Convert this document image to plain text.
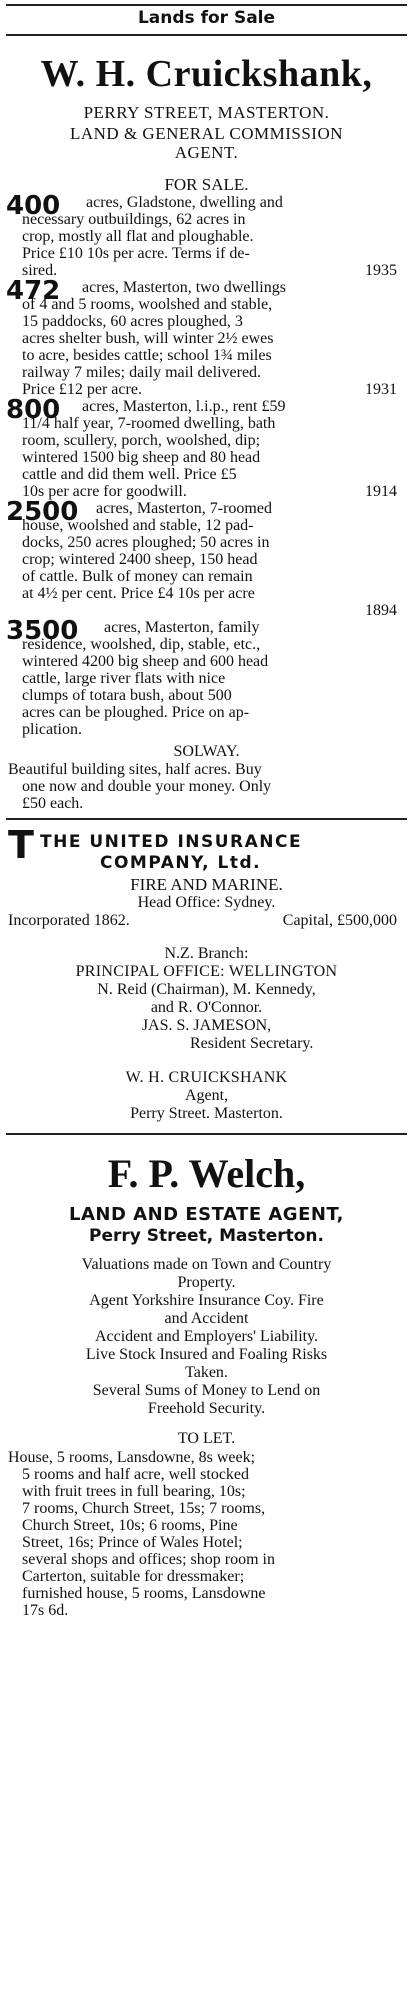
Lands for Sale
W. H. Cruickshank,
PERRY STREET, MASTERTON.
LAND & GENERAL COMMISSION
AGENT.
FOR SALE.
400 acres, Gladstone, dwelling and
necessary outbuildings, 62 acres in
crop, mostly all flat and ploughable.
Price £10 10s per acre. Terms if de-
sired.	1935
472 acres, Masterton, two dwellings
of 4 and 5 rooms, woolshed and stable,
15 paddocks, 60 acres ploughed, 3
acres shelter bush, will winter 2½ ewes
to acre, besides cattle; school 1¾ miles
railway 7 miles; daily mail delivered.
Price £12 per acre.	1931
800 acres, Masterton, l.i.p., rent £59
11/4 half year, 7-roomed dwelling, bath
room, scullery, porch, woolshed, dip;
wintered 1500 big sheep and 80 head
cattle and did them well. Price £5
10s per acre for goodwill.	1914
2500 acres, Masterton, 7-roomed
house, woolshed and stable, 12 pad-
docks, 250 acres ploughed; 50 acres in
crop; wintered 2400 sheep, 150 head
of cattle. Bulk of money can remain
at 4½ per cent. Price £4 10s per acre
1894
3500 acres, Masterton, family
residence, woolshed, dip, stable, etc.,
wintered 4200 big sheep and 600 head
cattle, large river flats with nice
clumps of totara bush, about 500
acres can be ploughed. Price on ap-
plication.
SOLWAY.
Beautiful building sites, half acres. Buy
one now and double your money. Only
£50 each.
T THE UNITED INSURANCE
COMPANY, Ltd.
FIRE AND MARINE.
Head Office: Sydney.
Incorporated 1862.	Capital, £500,000
N.Z. Branch:
PRINCIPAL OFFICE: WELLINGTON
N. Reid (Chairman), M. Kennedy,
and R. O'Connor.
JAS. S. JAMESON,
Resident Secretary.
W. H. CRUICKSHANK
Agent,
Perry Street. Masterton.
F. P. Welch,
LAND AND ESTATE AGENT,
Perry Street, Masterton.
Valuations made on Town and Country
Property.
Agent Yorkshire Insurance Coy. Fire
and Accident
Accident and Employers' Liability.
Live Stock Insured and Foaling Risks
Taken.
Several Sums of Money to Lend on
Freehold Security.
TO LET.
House, 5 rooms, Lansdowne, 8s week;
5 rooms and half acre, well stocked
with fruit trees in full bearing, 10s;
7 rooms, Church Street, 15s; 7 rooms,
Church Street, 10s; 6 rooms, Pine
Street, 16s; Prince of Wales Hotel;
several shops and offices; shop room in
Carterton, suitable for dressmaker;
furnished house, 5 rooms, Lansdowne
17s 6d.
